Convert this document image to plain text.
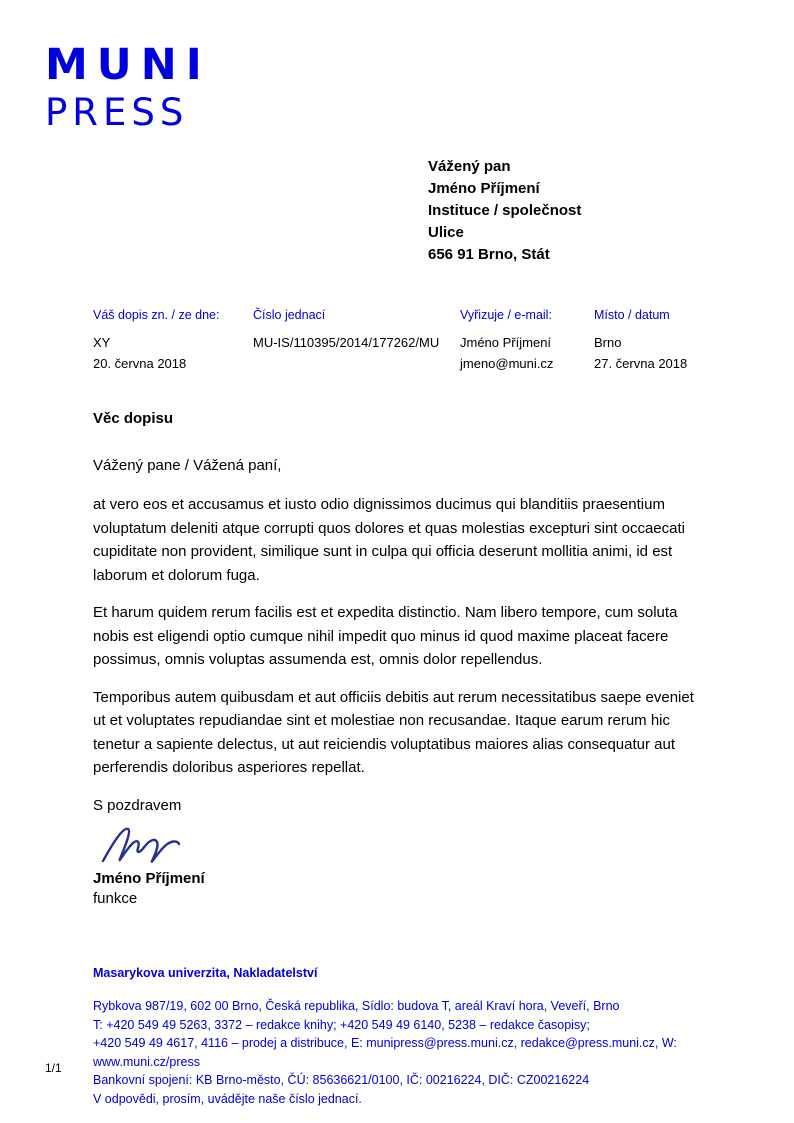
MUNI
PRESS
Vážený pan
Jméno Příjmení
Instituce / společnost
Ulice
656 91 Brno, Stát
Váš dopis zn. / ze dne:
XY
20. června 2018
Číslo jednací
MU-IS/110395/2014/177262/MU
Vyřizuje / e-mail:
Jméno Příjmení
jmeno@muni.cz
Místo / datum
Brno
27. června 2018
Věc dopisu
Vážený pane / Vážená paní,

at vero eos et accusamus et iusto odio dignissimos ducimus qui blanditiis praesentium voluptatum deleniti atque corrupti quos dolores et quas molestias excepturi sint occaecati cupiditate non provident, similique sunt in culpa qui officia deserunt mollitia animi, id est laborum et dolorum fuga.

Et harum quidem rerum facilis est et expedita distinctio. Nam libero tempore, cum soluta nobis est eligendi optio cumque nihil impedit quo minus id quod maxime placeat facere possimus, omnis voluptas assumenda est, omnis dolor repellendus.

Temporibus autem quibusdam et aut officiis debitis aut rerum necessitatibus saepe eveniet ut et voluptates repudiandae sint et molestiae non recusandae. Itaque earum rerum hic tenetur a sapiente delectus, ut aut reiciendis voluptatibus maiores alias consequatur aut perferendis doloribus asperiores repellat.

S pozdravem
Jméno Příjmení
funkce
Masarykova univerzita, Nakladatelství
Rybkova 987/19, 602 00 Brno, Česká republika, Sídlo: budova T, areál Kraví hora, Veveří, Brno
T: +420 549 49 5263, 3372 – redakce knihy; +420 549 49 6140, 5238 – redakce časopisy;
+420 549 49 4617, 4116 – prodej a distribuce, E: munipress@press.muni.cz, redakce@press.muni.cz, W: www.muni.cz/press
Bankovní spojení: KB Brno-město, ČÚ: 85636621/0100, IČ: 00216224, DIČ: CZ00216224
V odpovědi, prosím, uvádějte naše číslo jednací.
1/1
